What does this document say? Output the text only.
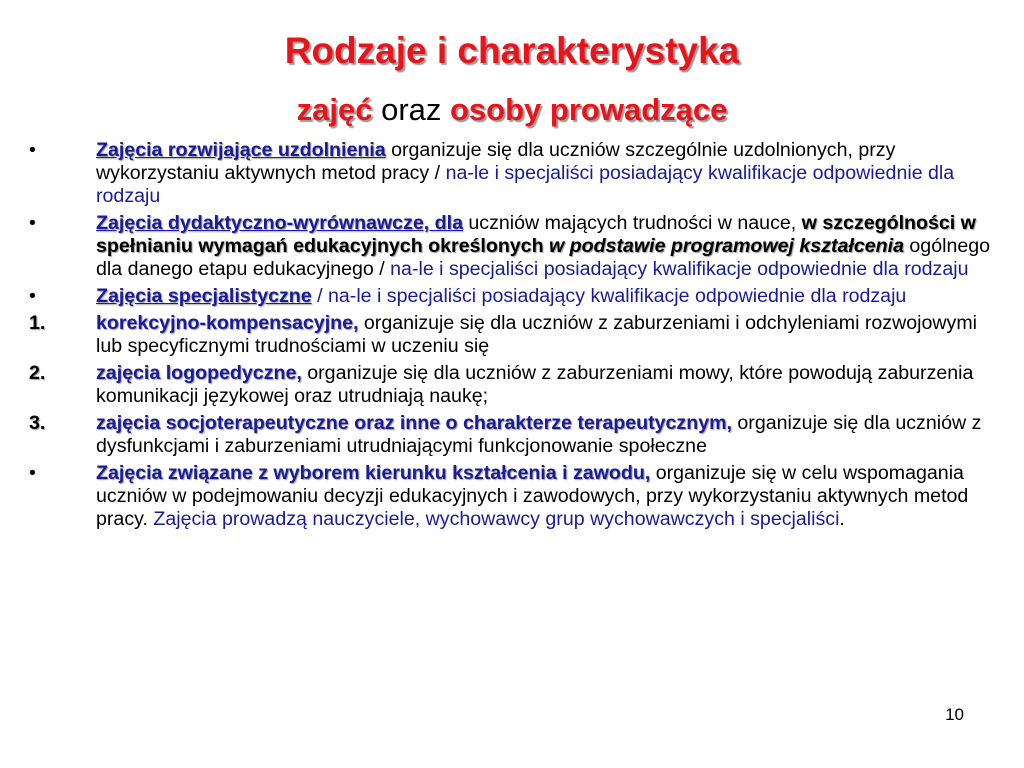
Rodzaje i charakterystyka
zajęć oraz osoby prowadzące
•	Zajęcia rozwijające uzdolnienia organizuje się dla uczniów szczególnie uzdolnionych, przy wykorzystaniu aktywnych metod pracy / na-le i specjaliści posiadający kwalifikacje odpowiednie dla rodzaju
•	Zajęcia dydaktyczno-wyrównawcze, dla uczniów mających trudności w nauce, w szczególności w spełnianiu wymagań edukacyjnych określonych w podstawie programowej kształcenia ogólnego dla danego etapu edukacyjnego / na-le i specjaliści posiadający kwalifikacje odpowiednie dla rodzaju
•	Zajęcia specjalistyczne / na-le i specjaliści posiadający kwalifikacje odpowiednie dla rodzaju
1.	korekcyjno-kompensacyjne, organizuje się dla uczniów z zaburzeniami i odchyleniami rozwojowymi lub specyficznymi trudnościami w uczeniu się
2.	zajęcia logopedyczne, organizuje się dla uczniów z zaburzeniami mowy, które powodują zaburzenia komunikacji językowej oraz utrudniają naukę;
3.	zajęcia socjoterapeutyczne oraz inne o charakterze terapeutycznym, organizuje się dla uczniów z dysfunkcjami i zaburzeniami utrudniającymi funkcjonowanie społeczne
•	Zajęcia związane z wyborem kierunku kształcenia i zawodu, organizuje się w celu wspomagania uczniów w podejmowaniu decyzji edukacyjnych i zawodowych, przy wykorzystaniu aktywnych metod pracy. Zajęcia prowadzą nauczyciele, wychowawcy grup wychowawczych i specjaliści.
10
